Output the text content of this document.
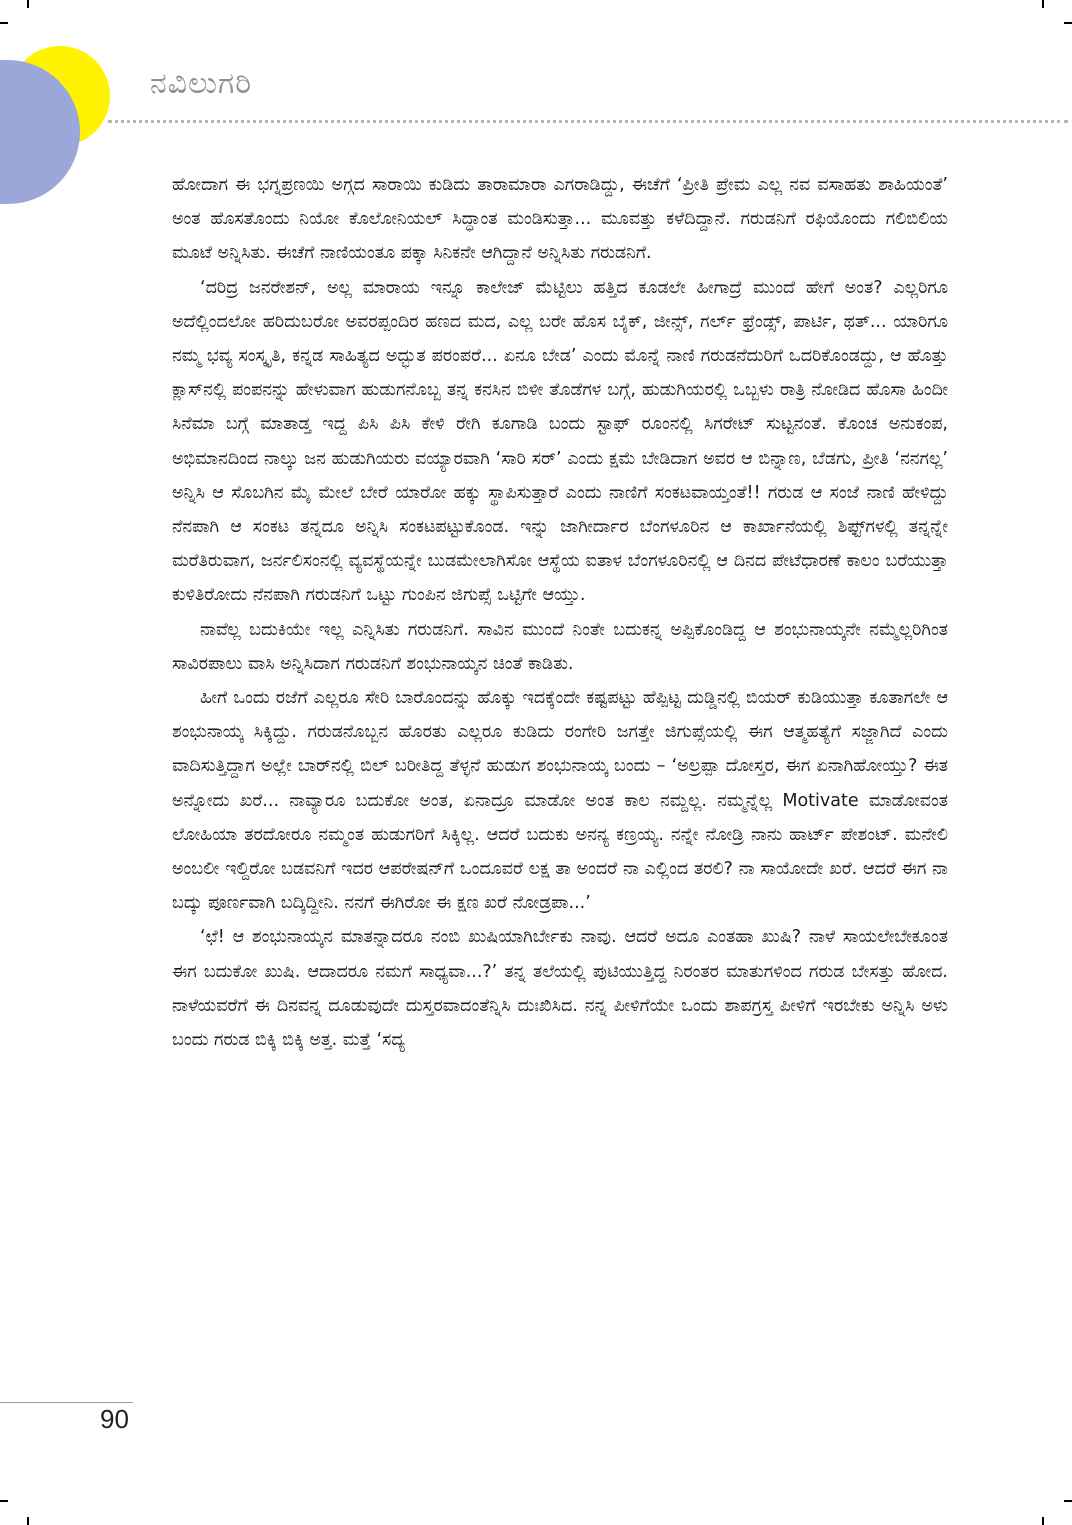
ನವಿಲುಗರಿ

ಹೋದಾಗ ಈ ಭಗ್ನಪ್ರಣಯಿ ಅಗ್ಗದ ಸಾರಾಯಿ ಕುಡಿದು ತಾರಾಮಾರಾ ಎಗರಾಡಿದ್ದು, ಈಚೆಗೆ ‘ಪ್ರೀತಿ ಪ್ರೇಮ ಎಲ್ಲ ನವ ವಸಾಹತು ಶಾಹಿಯಂತೆ’ ಅಂತ ಹೊಸತೊಂದು ನಿಯೋ ಕೊಲೋನಿಯಲ್ ಸಿದ್ಧಾಂತ ಮಂಡಿಸುತ್ತಾ... ಮೂವತ್ತು ಕಳೆದಿದ್ದಾನೆ. ಗರುಡನಿಗೆ ರಫಿಯೊಂದು ಗಲಿಬಿಲಿಯ ಮೂಟೆ ಅನ್ನಿಸಿತು. ಈಚೆಗೆ ನಾಣಿಯಂತೂ ಪಕ್ಕಾ ಸಿನಿಕನೇ ಆಗಿದ್ದಾನೆ ಅನ್ನಿಸಿತು ಗರುಡನಿಗೆ.

‘ದರಿದ್ರ ಜನರೇಶನ್, ಅಲ್ಲ ಮಾರಾಯ ಇನ್ನೂ ಕಾಲೇಜ್ ಮೆಟ್ಟಿಲು ಹತ್ತಿದ ಕೂಡಲೇ ಹೀಗಾದ್ರೆ ಮುಂದೆ ಹೇಗೆ ಅಂತ? ಎಲ್ಲರಿಗೂ ಅದೆಲ್ಲಿಂದಲೋ ಹರಿದುಬರೋ ಅವರಪ್ಪಂದಿರ ಹಣದ ಮದ, ಎಲ್ಲ ಬರೇ ಹೊಸ ಬೈಕ್, ಜೀನ್ಸ್, ಗರ್ಲ್ ಫ್ರೆಂಡ್ಸ್, ಪಾರ್ಟಿ, ಥತ್... ಯಾರಿಗೂ ನಮ್ಮ ಭವ್ಯ ಸಂಸ್ಕೃತಿ, ಕನ್ನಡ ಸಾಹಿತ್ಯದ ಅದ್ಭುತ ಪರಂಪರೆ... ಏನೂ ಬೇಡ’ ಎಂದು ಮೊನ್ನೆ ನಾಣಿ ಗರುಡನೆದುರಿಗೆ ಒದರಿಕೊಂಡದ್ದು, ಆ ಹೊತ್ತು ಕ್ಲಾಸ್‌ನಲ್ಲಿ ಪಂಪನನ್ನು ಹೇಳುವಾಗ ಹುಡುಗನೊಬ್ಬ ತನ್ನ ಕನಸಿನ ಬಿಳೀ ತೊಡೆಗಳ ಬಗ್ಗೆ, ಹುಡುಗಿಯರಲ್ಲಿ ಒಬ್ಬಳು ರಾತ್ರಿ ನೋಡಿದ ಹೊಸಾ ಹಿಂದೀ ಸಿನೆಮಾ ಬಗ್ಗೆ ಮಾತಾಡ್ತ ಇದ್ದ ಪಿಸಿ ಪಿಸಿ ಕೇಳಿ ರೇಗಿ ಕೂಗಾಡಿ ಬಂದು ಸ್ಟಾಫ್ ರೂಂನಲ್ಲಿ ಸಿಗರೇಟ್ ಸುಟ್ಟನಂತೆ. ಕೊಂಚ ಅನುಕಂಪ, ಅಭಿಮಾನದಿಂದ ನಾಲ್ಕು ಜನ ಹುಡುಗಿಯರು ವಯ್ಯಾರವಾಗಿ ‘ಸಾರಿ ಸರ್’ ಎಂದು ಕ್ಷಮೆ ಬೇಡಿದಾಗ ಅವರ ಆ ಬಿನ್ನಾಣ, ಬೆಡಗು, ಪ್ರೀತಿ ‘ನನಗಲ್ಲ’ ಅನ್ನಿಸಿ ಆ ಸೊಬಗಿನ ಮೈ ಮೇಲೆ ಬೇರೆ ಯಾರೋ ಹಕ್ಕು ಸ್ಥಾಪಿಸುತ್ತಾರೆ ಎಂದು ನಾಣಿಗೆ ಸಂಕಟವಾಯ್ತಂತೆ!! ಗರುಡ ಆ ಸಂಜೆ ನಾಣಿ ಹೇಳಿದ್ದು ನೆನಪಾಗಿ ಆ ಸಂಕಟ ತನ್ನದೂ ಅನ್ನಿಸಿ ಸಂಕಟಪಟ್ಟುಕೊಂಡ. ಇನ್ನು ಜಾಗೀರ್ದಾರ ಬೆಂಗಳೂರಿನ ಆ ಕಾರ್ಖಾನೆಯಲ್ಲಿ ಶಿಫ್ಟ್‌ಗಳಲ್ಲಿ ತನ್ನನ್ನೇ ಮರೆತಿರುವಾಗ, ಜರ್ನಲಿಸಂನಲ್ಲಿ ವ್ಯವಸ್ಥೆಯನ್ನೇ ಬುಡಮೇಲಾಗಿಸೋ ಆಸ್ಥೆಯ ಐತಾಳ ಬೆಂಗಳೂರಿನಲ್ಲಿ ಆ ದಿನದ ಪೇಟೆಧಾರಣೆ ಕಾಲಂ ಬರೆಯುತ್ತಾ ಕುಳಿತಿರೋದು ನೆನಪಾಗಿ ಗರುಡನಿಗೆ ಒಟ್ಟು ಗುಂಪಿನ ಜಿಗುಪ್ಸೆ ಒಟ್ಟಿಗೇ ಆಯ್ತು.

ನಾವೆಲ್ಲ ಬದುಕಿಯೇ ಇಲ್ಲ ಎನ್ನಿಸಿತು ಗರುಡನಿಗೆ. ಸಾವಿನ ಮುಂದೆ ನಿಂತೇ ಬದುಕನ್ನ ಅಪ್ಪಿಕೊಂಡಿದ್ದ ಆ ಶಂಭುನಾಯ್ಕನೇ ನಮ್ಮೆಲ್ಲರಿಗಿಂತ ಸಾವಿರಪಾಲು ವಾಸಿ ಅನ್ನಿಸಿದಾಗ ಗರುಡನಿಗೆ ಶಂಭುನಾಯ್ಕನ ಚಿಂತೆ ಕಾಡಿತು.

ಹೀಗೆ ಒಂದು ರಜೆಗೆ ಎಲ್ಲರೂ ಸೇರಿ ಬಾರೊಂದನ್ನು ಹೊಕ್ಕು ಇದಕ್ಕೆಂದೇ ಕಷ್ಟಪಟ್ಟು ಹೆಪ್ಪಿಟ್ಟ ದುಡ್ಡಿನಲ್ಲಿ ಬಿಯರ್ ಕುಡಿಯುತ್ತಾ ಕೂತಾಗಲೇ ಆ ಶಂಭುನಾಯ್ಕ ಸಿಕ್ಕಿದ್ದು. ಗರುಡನೊಬ್ಬನ ಹೊರತು ಎಲ್ಲರೂ ಕುಡಿದು ರಂಗೇರಿ ಜಗತ್ತೇ ಜಿಗುಪ್ಸೆಯಲ್ಲಿ ಈಗ ಆತ್ಮಹತ್ಯೆಗೆ ಸಜ್ಜಾಗಿದೆ ಎಂದು ವಾದಿಸುತ್ತಿದ್ದಾಗ ಅಲ್ಲೇ ಬಾರ್‌ನಲ್ಲಿ ಬಿಲ್ ಬರೀತಿದ್ದ ತೆಳ್ಳನೆ ಹುಡುಗ ಶಂಭುನಾಯ್ಕ ಬಂದು – ‘ಅಲ್ರಪ್ಪಾ ದೋಸ್ತರ, ಈಗ ಏನಾಗಿಹೋಯ್ತು? ಈತ ಅನ್ನೋದು ಖರೆ... ನಾವ್ಯಾರೂ ಬದುಕೋ ಅಂತ, ಏನಾದ್ರೂ ಮಾಡೋ ಅಂತ ಕಾಲ ನಮ್ದಲ್ಲ. ನಮ್ಮನ್ನೆಲ್ಲ Motivate ಮಾಡೋವಂತ ಲೋಹಿಯಾ ತರದೋರೂ ನಮ್ಮಂತ ಹುಡುಗರಿಗೆ ಸಿಕ್ಕಿಲ್ಲ. ಆದರೆ ಬದುಕು ಅನನ್ಯ ಕಣ್ರಯ್ಯ. ನನ್ನೇ ನೋಡ್ರಿ ನಾನು ಹಾರ್ಟ್ ಪೇಶಂಟ್. ಮನೇಲಿ ಅಂಬಲೀ ಇಲ್ದಿರೋ ಬಡವನಿಗೆ ಇದರ ಆಪರೇಷನ್‌ಗೆ ಒಂದೂವರೆ ಲಕ್ಷ ತಾ ಅಂದರೆ ನಾ ಎಲ್ಲಿಂದ ತರಲಿ? ನಾ ಸಾಯೋದೇ ಖರೆ. ಆದರೆ ಈಗ ನಾ ಬದ್ಕು ಪೂರ್ಣವಾಗಿ ಬದ್ಕಿದ್ದೀನಿ. ನನಗೆ ಈಗಿರೋ ಈ ಕ್ಷಣ ಖರೆ ನೋಡ್ರಪಾ...’

‘ಛೆ! ಆ ಶಂಭುನಾಯ್ಕನ ಮಾತನ್ನಾದರೂ ನಂಬಿ ಖುಷಿಯಾಗಿರ್ಬೇಕು ನಾವು. ಆದರೆ ಅದೂ ಎಂತಹಾ ಖುಷಿ? ನಾಳೆ ಸಾಯಲೇಬೇಕೂಂತ ಈಗ ಬದುಕೋ ಖುಷಿ. ಆದಾದರೂ ನಮಗೆ ಸಾಧ್ಯವಾ...?’ ತನ್ನ ತಲೆಯಲ್ಲಿ ಪುಟಿಯುತ್ತಿದ್ದ ನಿರಂತರ ಮಾತುಗಳಿಂದ ಗರುಡ ಬೇಸತ್ತು ಹೋದ. ನಾಳೆಯವರೆಗೆ ಈ ದಿನವನ್ನ ದೂಡುವುದೇ ದುಸ್ತರವಾದಂತೆನ್ನಿಸಿ ದುಃಖಿಸಿದ. ನನ್ನ ಪೀಳಿಗೆಯೇ ಒಂದು ಶಾಪಗ್ರಸ್ತ ಪೀಳಿಗೆ ಇರಬೇಕು ಅನ್ನಿಸಿ ಅಳು ಬಂದು ಗರುಡ ಬಿಕ್ಕಿ ಬಿಕ್ಕಿ ಅತ್ತ. ಮತ್ತೆ ‘ಸದ್ಯ

90
